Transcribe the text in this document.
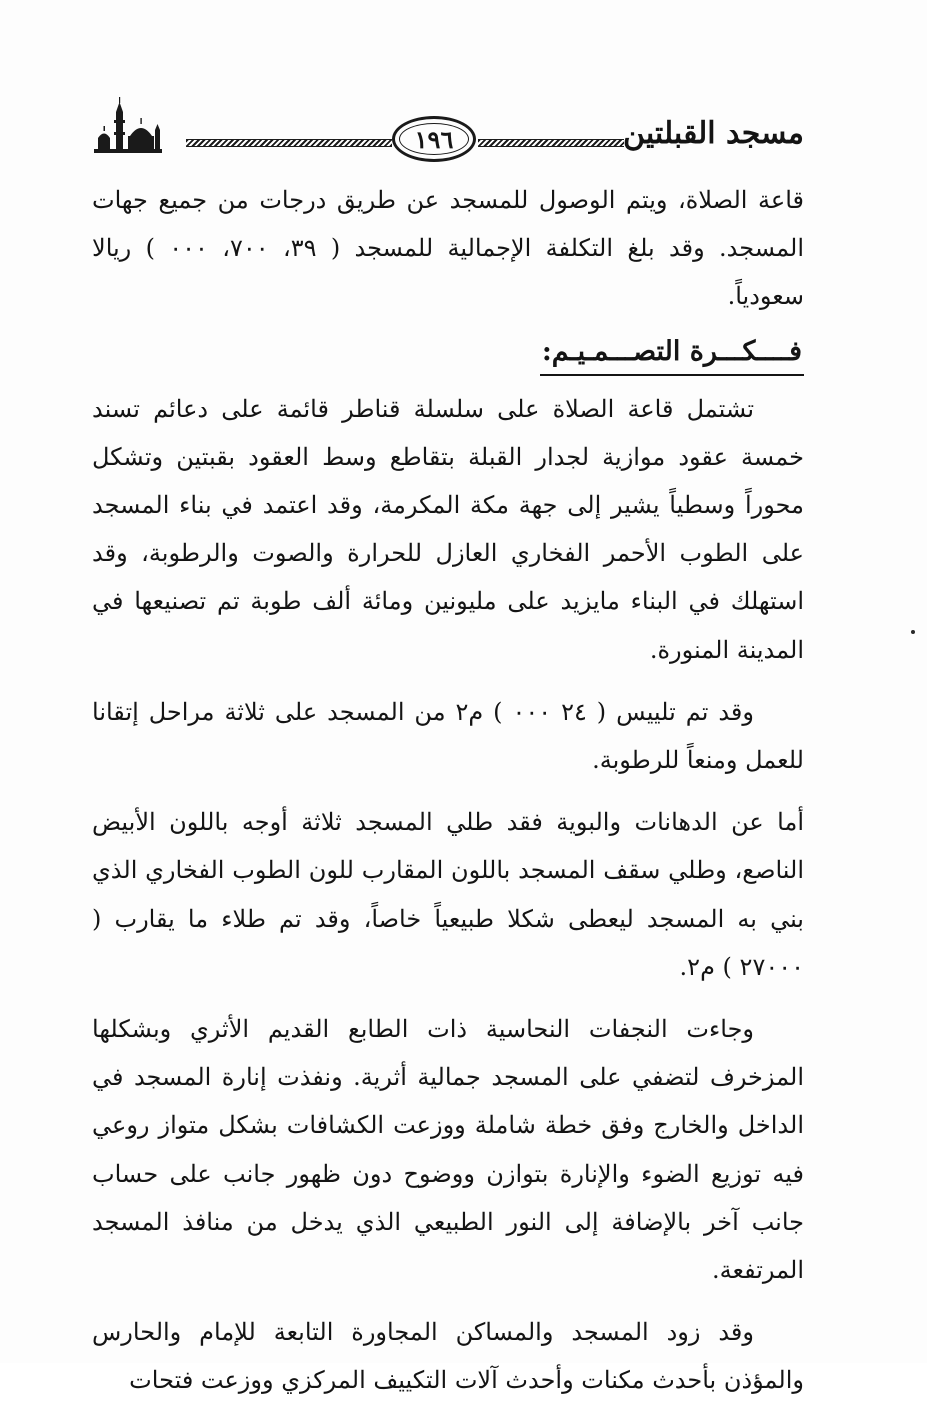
١٩٦	مسجد القبلتين

قاعة الصلاة، ويتم الوصول للمسجد عن طريق درجات من جميع جهات المسجد. وقد بلغ التكلفة الإجمالية للمسجد ( ٣٩، ٧٠٠، ٠٠٠ ) ريالا سعودياً.

فــــكـــرة التصـــمـيـم:

تشتمل قاعة الصلاة على سلسلة قناطر قائمة على دعائم تسند خمسة عقود موازية لجدار القبلة بتقاطع وسط العقود بقبتين وتشكل محوراً وسطياً يشير إلى جهة مكة المكرمة، وقد اعتمد في بناء المسجد على الطوب الأحمر الفخاري العازل للحرارة والصوت والرطوبة، وقد استهلك في البناء مايزيد على مليونين ومائة ألف طوبة تم تصنيعها في المدينة المنورة.

وقد تم تلييس ( ٢٤ ٠٠٠ ) م٢ من المسجد على ثلاثة مراحل إتقانا للعمل ومنعاً للرطوبة.

أما عن الدهانات والبوية فقد طلي المسجد ثلاثة أوجه باللون الأبيض الناصع، وطلي سقف المسجد باللون المقارب للون الطوب الفخاري الذي بني به المسجد ليعطى شكلا طبيعياً خاصاً، وقد تم طلاء ما يقارب ( ٢٧٠٠٠ ) م٢.

وجاءت النجفات النحاسية ذات الطابع القديم الأثري وبشكلها المزخرف لتضفي على المسجد جمالية أثرية. ونفذت إنارة المسجد في الداخل والخارج وفق خطة شاملة ووزعت الكشافات بشكل متواز روعي فيه توزيع الضوء والإنارة بتوازن ووضوح دون ظهور جانب على حساب جانب آخر بالإضافة إلى النور الطبيعي الذي يدخل من منافذ المسجد المرتفعة.

وقد زود المسجد والمساكن المجاورة التابعة للإمام والحارس والمؤذن بأحدث مكنات وأحدث آلات التكييف المركزي ووزعت فتحات
